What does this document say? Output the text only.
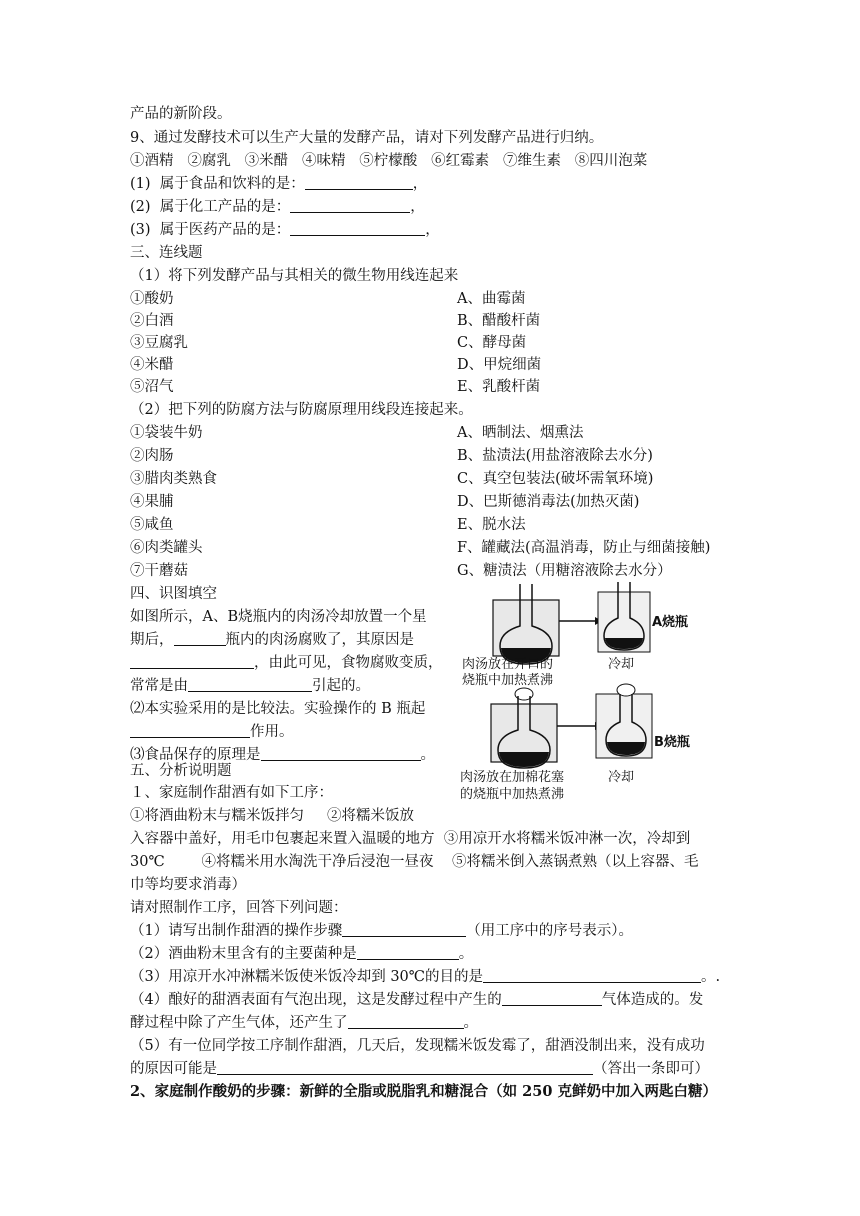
产品的新阶段。
9、通过发酵技术可以生产大量的发酵产品，请对下列发酵产品进行归纳。
①酒精   ②腐乳   ③米醋   ④味精   ⑤柠檬酸   ⑥红霉素   ⑦维生素   ⑧四川泡菜
(1)  属于食品和饮料的是：	，
(2)  属于化工产品的是：	，
(3)  属于医药产品的是：	，
三、连线题
（1）将下列发酵产品与其相关的微生物用线连起来
①酸奶	A、曲霉菌
②白酒	B、醋酸杆菌
③豆腐乳	C、酵母菌
④米醋	D、甲烷细菌
⑤沼气	E、乳酸杆菌
（2）把下列的防腐方法与防腐原理用线段连接起来。
①袋装牛奶	A、晒制法、烟熏法
②肉肠	B、盐渍法(用盐溶液除去水分)
③腊肉类熟食	C、真空包装法(破坏需氧环境)
④果脯	D、巴斯德消毒法(加热灭菌)
⑤咸鱼	E、脱水法
⑥肉类罐头	F、罐藏法(高温消毒，防止与细菌接触)
⑦干蘑菇	G、糖渍法（用糖溶液除去水分）
四、识图填空
如图所示，A、B烧瓶内的肉汤冷却放置一个星
期后，	瓶内的肉汤腐败了，其原因是
，由此可见，食物腐败变质，
常常是由	引起的。
⑵本实验采用的是比较法。实验操作的 B 瓶起
作用。
⑶食品保存的原理是	。
A烧瓶
肉汤放在开口的
烧瓶中加热煮沸
冷却
B烧瓶
肉汤放在加棉花塞
的烧瓶中加热煮沸
冷却
五、分析说明题
１、家庭制作甜酒有如下工序：
①将酒曲粉末与糯米饭拌匀     ②将糯米饭放
入容器中盖好，用毛巾包裹起来置入温暖的地方  ③用凉开水将糯米饭冲淋一次，冷却到
30℃        ④将糯米用水淘洗干净后浸泡一昼夜    ⑤将糯米倒入蒸锅煮熟（以上容器、毛
巾等均要求消毒）
请对照制作工序，回答下列问题：
（1）请写出制作甜酒的操作步骤	（用工序中的序号表示）。
（2）酒曲粉末里含有的主要菌种是	。
（3）用凉开水冲淋糯米饭使米饭冷却到 30℃的目的是	。.
（4）酿好的甜酒表面有气泡出现，这是发酵过程中产生的	气体造成的。发
酵过程中除了产生气体，还产生了	。
（5）有一位同学按工序制作甜酒，几天后，发现糯米饭发霉了，甜酒没制出来，没有成功
的原因可能是	（答出一条即可）
2、家庭制作酸奶的步骤：新鲜的全脂或脱脂乳和糖混合（如 250 克鲜奶中加入两匙白糖）
